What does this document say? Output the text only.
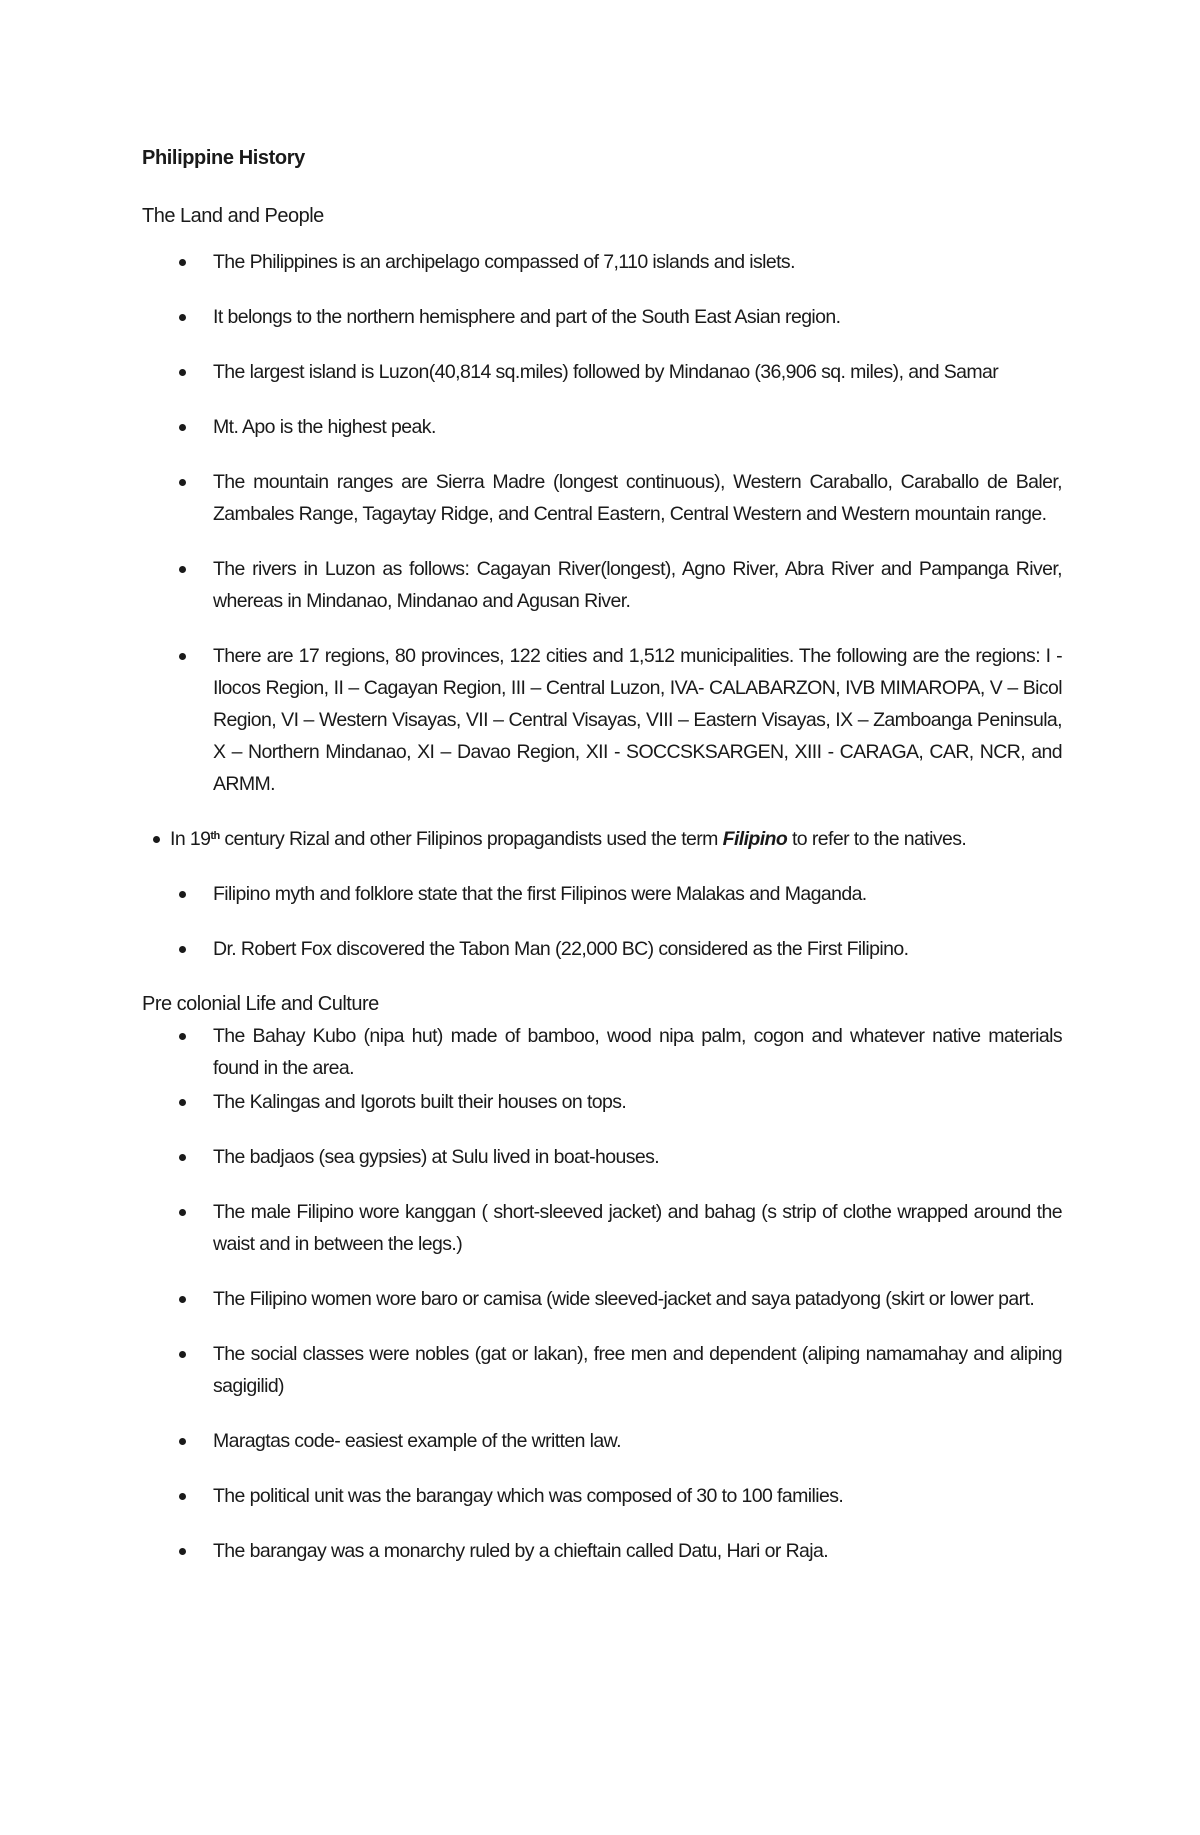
Philippine History
The Land and People
The Philippines is an archipelago compassed of 7,110 islands and islets.
It belongs to the northern hemisphere and part of the South East Asian region.
The largest island is Luzon(40,814 sq.miles) followed by Mindanao (36,906 sq. miles), and Samar
Mt. Apo is the highest peak.
The mountain ranges are Sierra Madre (longest continuous), Western Caraballo, Caraballo de Baler, Zambales Range, Tagaytay Ridge, and Central Eastern, Central Western and Western mountain range.
The rivers in Luzon as follows: Cagayan River(longest), Agno River, Abra River and Pampanga River, whereas in Mindanao, Mindanao and Agusan River.
There are 17 regions, 80 provinces, 122 cities and 1,512 municipalities. The following are the regions: I - Ilocos Region, II – Cagayan Region, III – Central Luzon, IVA- CALABARZON, IVB MIMAROPA, V – Bicol Region, VI – Western Visayas, VII – Central Visayas, VIII – Eastern Visayas, IX – Zamboanga Peninsula, X – Northern Mindanao, XI – Davao Region, XII - SOCCSKSARGEN, XIII - CARAGA, CAR, NCR, and ARMM.
In 19th century Rizal and other Filipinos propagandists used the term Filipino to refer to the natives.
Filipino myth and folklore state that the first Filipinos were Malakas and Maganda.
Dr. Robert Fox discovered the Tabon Man (22,000 BC) considered as the First Filipino.
Pre colonial Life and Culture
The Bahay Kubo (nipa hut) made of bamboo, wood nipa palm, cogon and whatever native materials found in the area.
The Kalingas and Igorots built their houses on tops.
The badjaos (sea gypsies) at Sulu lived in boat-houses.
The male Filipino wore kanggan ( short-sleeved jacket) and bahag (s strip of clothe wrapped around the waist and in between the legs.)
The Filipino women wore baro or camisa (wide sleeved-jacket and saya patadyong (skirt or lower part.
The social classes were nobles (gat or lakan), free men and dependent (aliping namamahay and aliping sagigilid)
Maragtas code- easiest example of the written law.
The political unit was the barangay which was composed of 30 to 100 families.
The barangay was a monarchy ruled by a chieftain called Datu, Hari or Raja.
